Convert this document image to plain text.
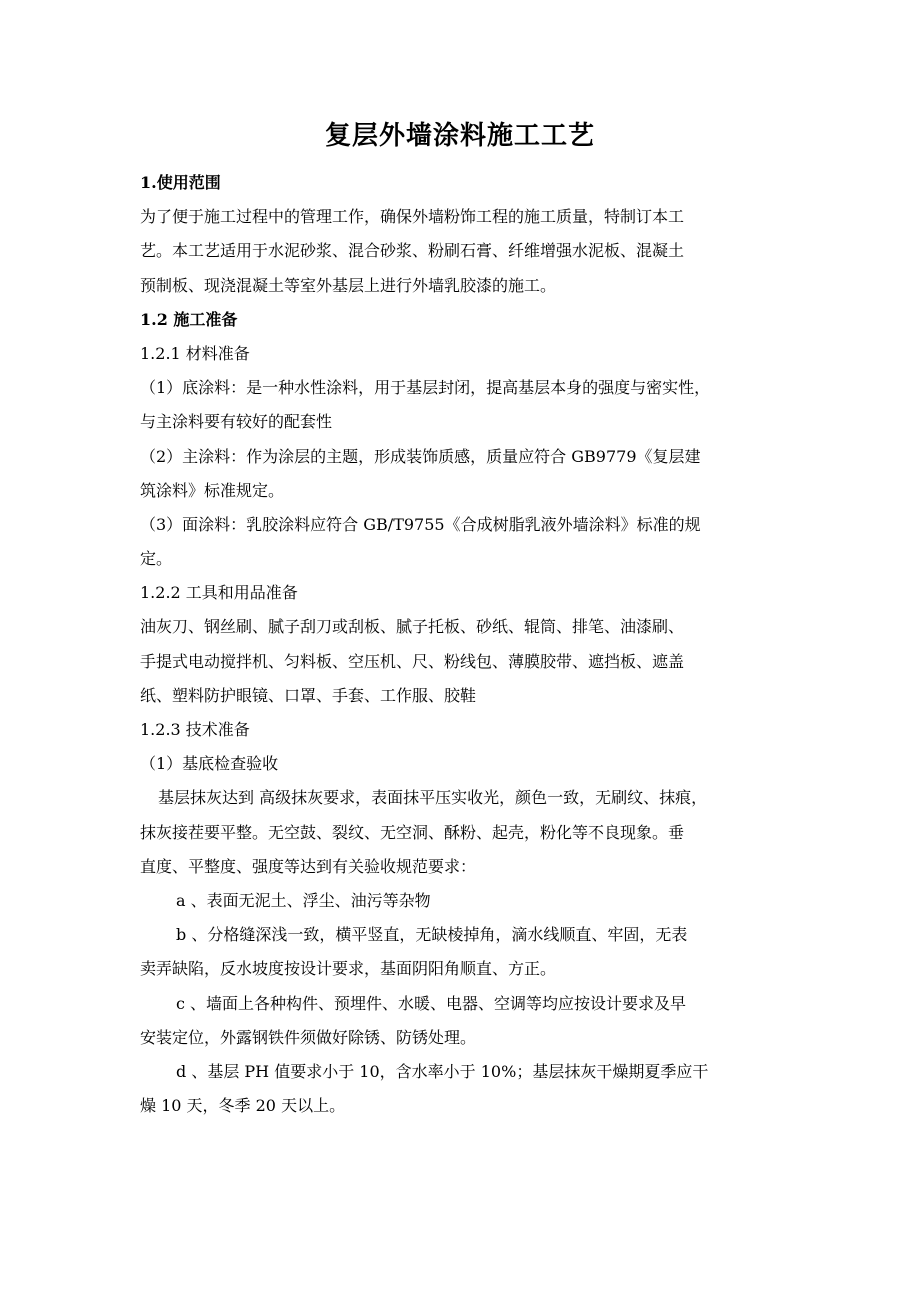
复层外墙涂料施工工艺
1.使用范围
为了便于施工过程中的管理工作，确保外墙粉饰工程的施工质量，特制订本工
艺。本工艺适用于水泥砂浆、混合砂浆、粉刷石膏、纤维增强水泥板、混凝土
预制板、现浇混凝土等室外基层上进行外墙乳胶漆的施工。
1.2 施工准备
1.2.1 材料准备
（1）底涂料：是一种水性涂料，用于基层封闭，提高基层本身的强度与密实性，
与主涂料要有较好的配套性
（2）主涂料：作为涂层的主题，形成装饰质感，质量应符合 GB9779《复层建
筑涂料》标准规定。
（3）面涂料：乳胶涂料应符合 GB/T9755《合成树脂乳液外墙涂料》标准的规
定。
1.2.2 工具和用品准备
油灰刀、钢丝刷、腻子刮刀或刮板、腻子托板、砂纸、辊筒、排笔、油漆刷、
手提式电动搅拌机、匀料板、空压机、尺、粉线包、薄膜胶带、遮挡板、遮盖
纸、塑料防护眼镜、口罩、手套、工作服、胶鞋
1.2.3 技术准备
（1）基底检查验收
基层抹灰达到 高级抹灰要求，表面抹平压实收光，颜色一致，无刷纹、抹痕，
抹灰接茬要平整。无空鼓、裂纹、无空洞、酥粉、起壳，粉化等不良现象。垂
直度、平整度、强度等达到有关验收规范要求：
a 、表面无泥土、浮尘、油污等杂物
b 、分格缝深浅一致，横平竖直，无缺棱掉角，滴水线顺直、牢固，无表
卖弄缺陷，反水坡度按设计要求，基面阴阳角顺直、方正。
c 、墙面上各种构件、预埋件、水暖、电器、空调等均应按设计要求及早
安装定位，外露钢铁件须做好除锈、防锈处理。
d 、基层 PH 值要求小于 10，含水率小于 10%；基层抹灰干燥期夏季应干
燥 10 天，冬季 20 天以上。
